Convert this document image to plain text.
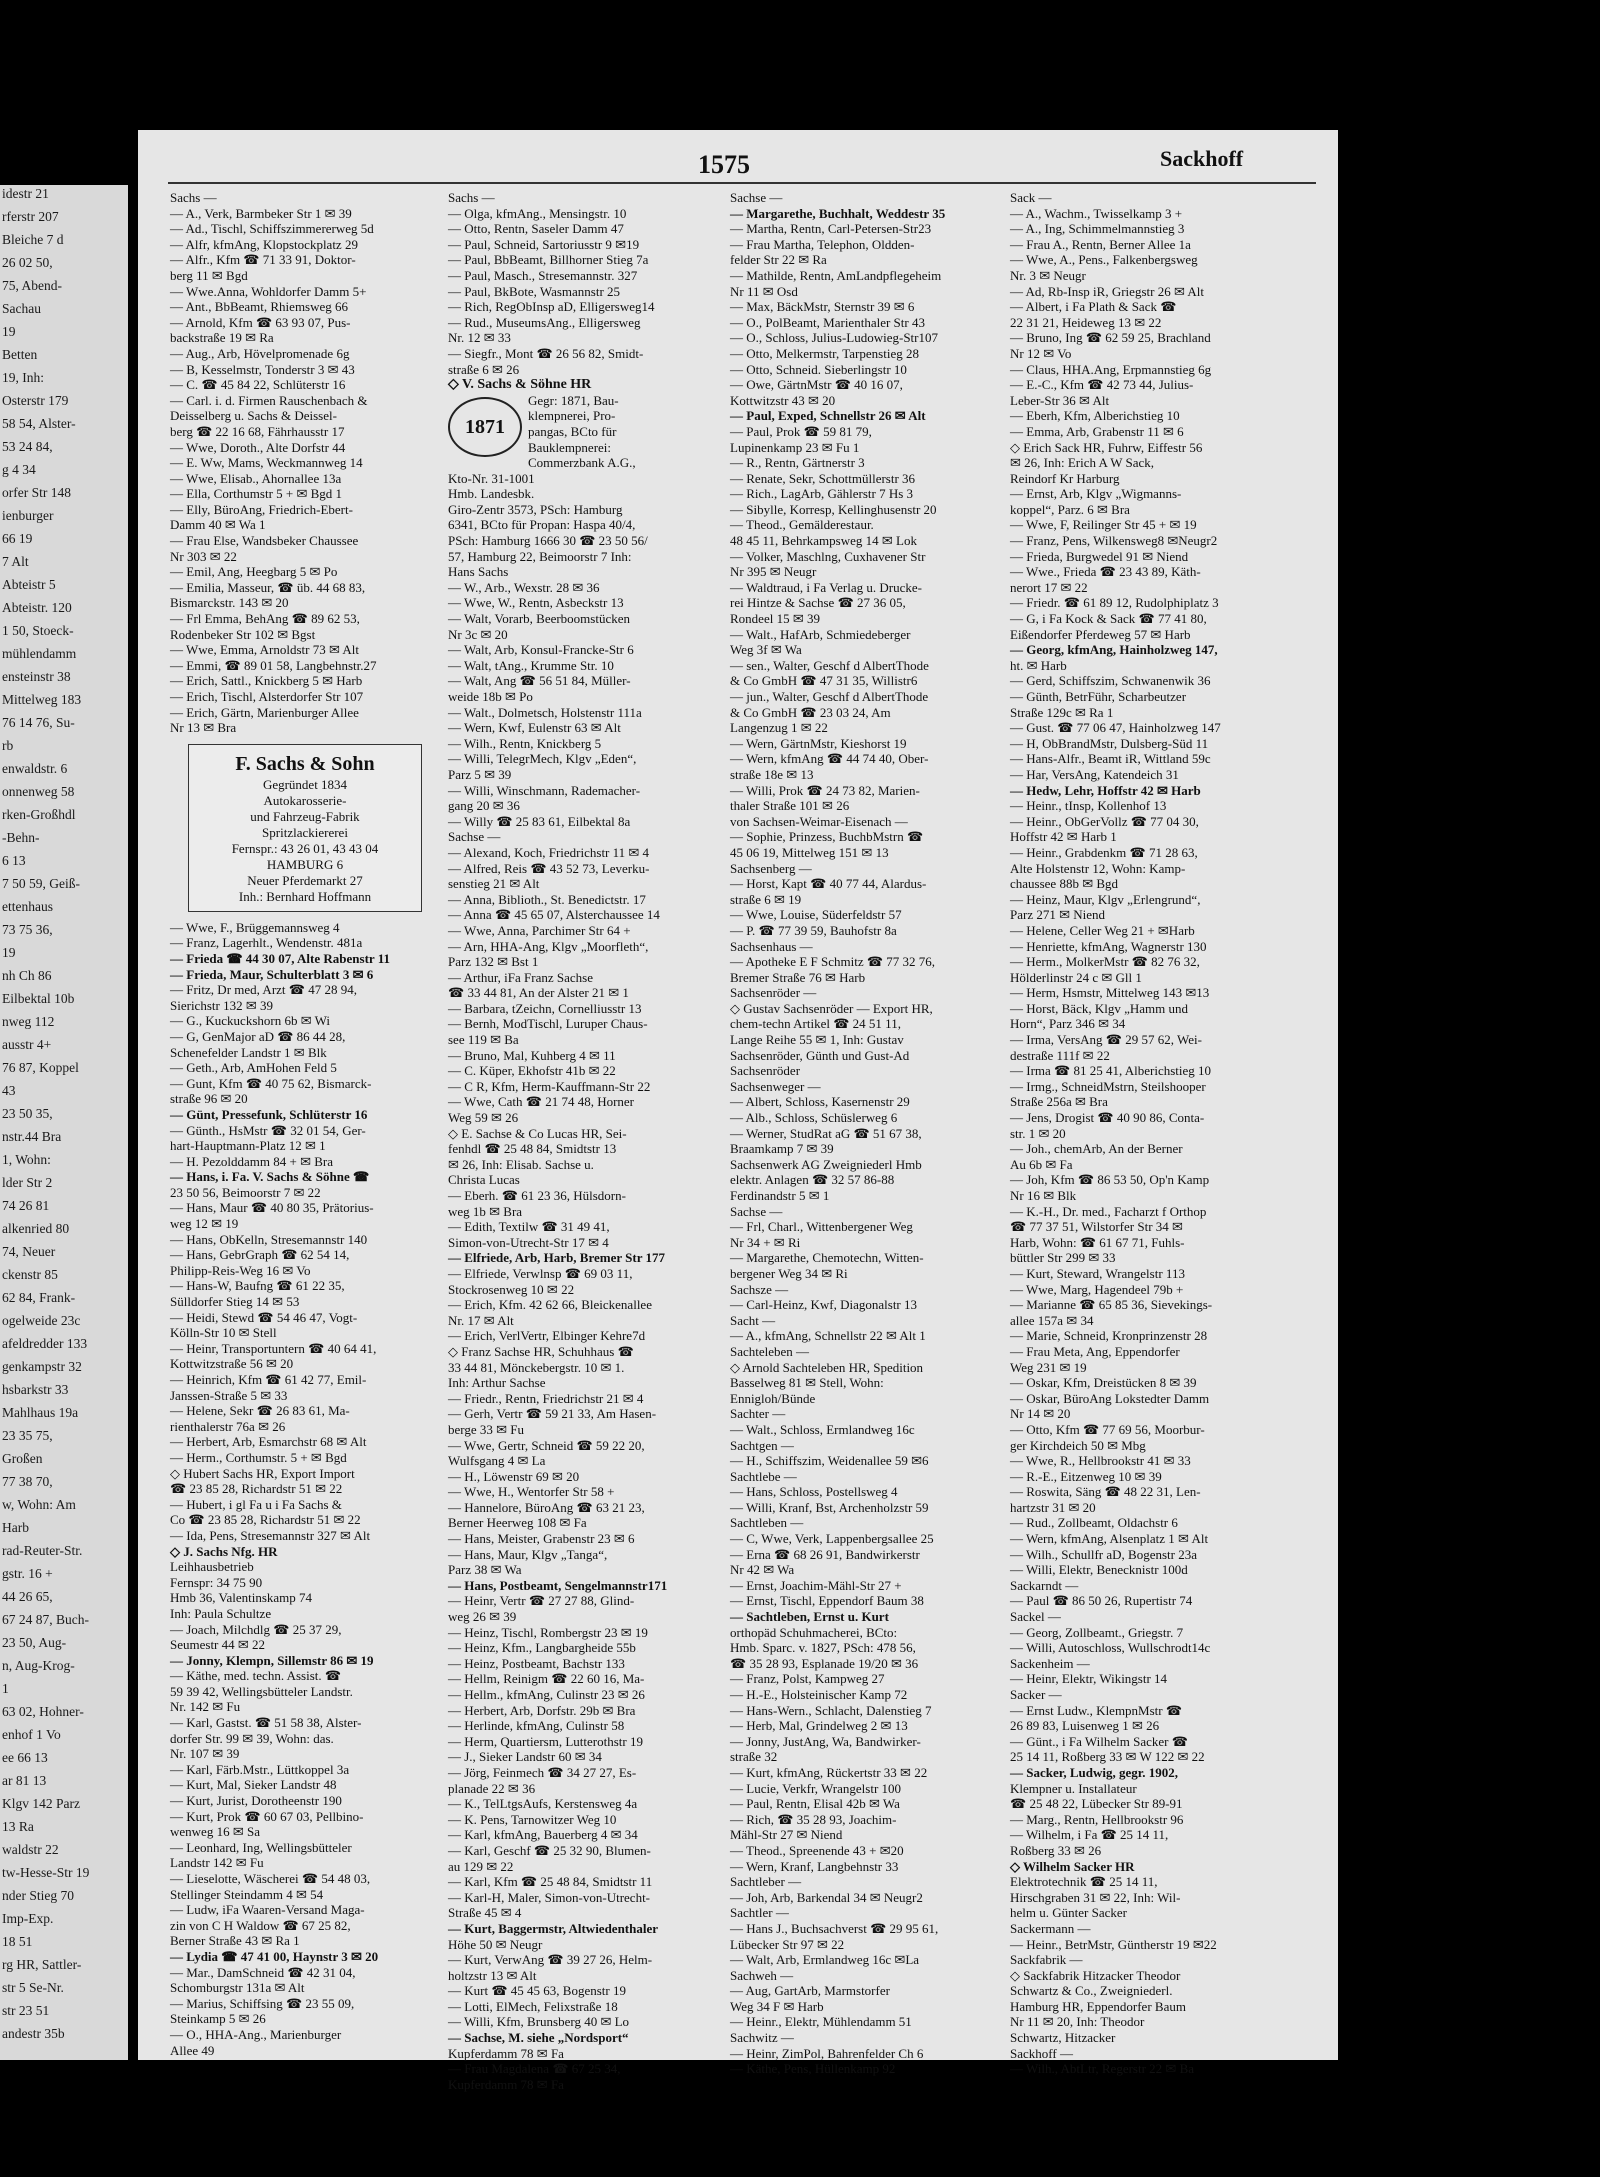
idestr 21
rferstr 207
Bleiche 7 d
26 02 50,
75, Abend-
Sachau
19
Betten
19, Inh:
Osterstr 179
58 54, Alster-
53 24 84,
g 4 34
orfer Str 148
ienburger
66 19
7 Alt
Abteistr 5
Abteistr. 120
1 50, Stoeck-
mühlendamm
ensteinstr 38
Mittelweg 183
76 14 76, Su-
rb
enwaldstr. 6
onnenweg 58
rken-Großhdl
-Behn-
6 13
7 50 59, Geiß-
ettenhaus
73 75 36,
19
nh Ch 86
Eilbektal 10b
nweg 112
ausstr 4+
76 87, Koppel
43
23 50 35,
nstr.44 Bra
1, Wohn:
lder Str 2
74 26 81
alkenried 80
74, Neuer
ckenstr 85
62 84, Frank-
ogelweide 23c
afeldredder 133
genkampstr 32
hsbarkstr 33
Mahlhaus 19a
23 35 75,
Großen
77 38 70,
w, Wohn: Am
Harb
rad-Reuter-Str.
gstr. 16 +
44 26 65,
67 24 87, Buch-
23 50, Aug-
n, Aug-Krog-
1
63 02, Hohner-
enhof 1 Vo
ee 66 13
ar 81 13
Klgv 142 Parz
13 Ra
waldstr 22
tw-Hesse-Str 19
nder Stieg 70
Imp-Exp.
18 51
rg HR, Sattler-
str 5 Se-Nr.
str 23 51
andestr 35b
1575	Sackhoff
Sachs —
— A., Verk, Barmbeker Str 1 ✉ 39
— Ad., Tischl, Schiffszimmererweg 5d
— Alfr, kfmAng, Klopstockplatz 29
— Alfr., Kfm ☎ 71 33 91, Doktor-
berg 11 ✉ Bgd
— Wwe.Anna, Wohldorfer Damm 5+
— Ant., BbBeamt, Rhiemsweg 66
— Arnold, Kfm ☎ 63 93 07, Pus-
backstraße 19 ✉ Ra
— Aug., Arb, Hövelpromenade 6g
— B, Kesselmstr, Tonderstr 3 ✉ 43
— C. ☎ 45 84 22, Schlüterstr 16
— Carl. i. d. Firmen Rauschenbach &
Deisselberg u. Sachs & Deissel-
berg ☎ 22 16 68, Fährhausstr 17
— Wwe, Doroth., Alte Dorfstr 44
— E. Ww, Mams, Weckmannweg 14
— Wwe, Elisab., Ahornallee 13a
— Ella, Corthumstr 5 + ✉ Bgd 1
— Elly, BüroAng, Friedrich-Ebert-
Damm 40 ✉ Wa 1
— Frau Else, Wandsbeker Chaussee
Nr 303 ✉ 22
— Emil, Ang, Heegbarg 5 ✉ Po
— Emilia, Masseur, ☎ üb. 44 68 83,
Bismarckstr. 143 ✉ 20
— Frl Emma, BehAng ☎ 89 62 53,
Rodenbeker Str 102 ✉ Bgst
— Wwe, Emma, Arnoldstr 73 ✉ Alt
— Emmi, ☎ 89 01 58, Langbehnstr.27
— Erich, Sattl., Knickberg 5 ✉ Harb
— Erich, Tischl, Alsterdorfer Str 107
— Erich, Gärtn, Marienburger Allee
Nr 13 ✉ Bra
F. Sachs & Sohn
Gegründet 1834
Autokarosserie-
und Fahrzeug-Fabrik
Spritzlackiererei
Fernspr.: 43 26 01, 43 43 04
HAMBURG 6
Neuer Pferdemarkt 27
Inh.: Bernhard Hoffmann
— Wwe, F., Brüggemannsweg 4
— Franz, Lagerhlt., Wendenstr. 481a
— Frieda ☎ 44 30 07, Alte Rabenstr 11
— Frieda, Maur, Schulterblatt 3 ✉ 6
— Fritz, Dr med, Arzt ☎ 47 28 94,
Sierichstr 132 ✉ 39
— G., Kuckuckshorn 6b ✉ Wi
— G, GenMajor aD ☎ 86 44 28,
Schenefelder Landstr 1 ✉ Blk
— Geth., Arb, AmHohen Feld 5
— Gunt, Kfm ☎ 40 75 62, Bismarck-
straße 96 ✉ 20
— Günt, Pressefunk, Schlüterstr 16
— Günth., HsMstr ☎ 32 01 54, Ger-
hart-Hauptmann-Platz 12 ✉ 1
— H. Pezolddamm 84 + ✉ Bra
— Hans, i. Fa. V. Sachs & Söhne ☎
23 50 56, Beimoorstr 7 ✉ 22
— Hans, Maur ☎ 40 80 35, Prätorius-
weg 12 ✉ 19
— Hans, ObKelln, Stresemannstr 140
— Hans, GebrGraph ☎ 62 54 14,
Philipp-Reis-Weg 16 ✉ Vo
— Hans-W, Baufng ☎ 61 22 35,
Sülldorfer Stieg 14 ✉ 53
— Heidi, Stewd ☎ 54 46 47, Vogt-
Kölln-Str 10 ✉ Stell
— Heinr, Transportuntern ☎ 40 64 41,
Kottwitzstraße 56 ✉ 20
— Heinrich, Kfm ☎ 61 42 77, Emil-
Janssen-Straße 5 ✉ 33
— Helene, Sekr ☎ 26 83 61, Ma-
rienthalerstr 76a ✉ 26
— Herbert, Arb, Esmarchstr 68 ✉ Alt
— Herm., Corthumstr. 5 + ✉ Bgd
◇ Hubert Sachs HR, Export Import
☎ 23 85 28, Richardstr 51 ✉ 22
— Hubert, i gl Fa u i Fa Sachs &
Co ☎ 23 85 28, Richardstr 51 ✉ 22
— Ida, Pens, Stresemannstr 327 ✉ Alt
◇ J. Sachs Nfg. HR
Leihhausbetrieb
Fernspr: 34 75 90
Hmb 36, Valentinskamp 74
Inh: Paula Schultze
— Joach, Milchdlg ☎ 25 37 29,
Seumestr 44 ✉ 22
— Jonny, Klempn, Sillemstr 86 ✉ 19
— Käthe, med. techn. Assist. ☎
59 39 42, Wellingsbütteler Landstr.
Nr. 142 ✉ Fu
— Karl, Gastst. ☎ 51 58 38, Alster-
dorfer Str. 99 ✉ 39, Wohn: das.
Nr. 107 ✉ 39
— Karl, Färb.Mstr., Lüttkoppel 3a
— Kurt, Mal, Sieker Landstr 48
— Kurt, Jurist, Dorotheenstr 190
— Kurt, Prok ☎ 60 67 03, Pellbino-
wenweg 16 ✉ Sa
— Leonhard, Ing, Wellingsbütteler
Landstr 142 ✉ Fu
— Lieselotte, Wäscherei ☎ 54 48 03,
Stellinger Steindamm 4 ✉ 54
— Ludw, iFa Waaren-Versand Maga-
zin von C H Waldow ☎ 67 25 82,
Berner Straße 43 ✉ Ra 1
— Lydia ☎ 47 41 00, Haynstr 3 ✉ 20
— Mar., DamSchneid ☎ 42 31 04,
Schomburgstr 131a ✉ Alt
— Marius, Schiffsing ☎ 23 55 09,
Steinkamp 5 ✉ 26
— O., HHA-Ang., Marienburger
Allee 49
Sachs —
— Olga, kfmAng., Mensingstr. 10
— Otto, Rentn, Saseler Damm 47
— Paul, Schneid, Sartoriusstr 9 ✉19
— Paul, BbBeamt, Billhorner Stieg 7a
— Paul, Masch., Stresemannstr. 327
— Paul, BkBote, Wasmannstr 25
— Rich, RegObInsp aD, Elligersweg14
— Rud., MuseumsAng., Elligersweg
Nr. 12 ✉ 33
— Siegfr., Mont ☎ 26 56 82, Smidt-
straße 6 ✉ 26
◇ V. Sachs & Söhne HR
1871
Gegr: 1871, Bau-
klempnerei, Pro-
pangas, BCto für
Bauklempnerei:
Commerzbank A.G.,
Kto-Nr. 31-1001
Hmb. Landesbk.
Giro-Zentr 3573, PSch: Hamburg
6341, BCto für Propan: Haspa 40/4,
PSch: Hamburg 1666 30 ☎ 23 50 56/
57, Hamburg 22, Beimoorstr 7 Inh:
Hans Sachs
— W., Arb., Wexstr. 28 ✉ 36
— Wwe, W., Rentn, Asbeckstr 13
— Walt, Vorarb, Beerboomstücken
Nr 3c ✉ 20
— Walt, Arb, Konsul-Francke-Str 6
— Walt, tAng., Krumme Str. 10
— Walt, Ang ☎ 56 51 84, Müller-
weide 18b ✉ Po
— Walt., Dolmetsch, Holstenstr 111a
— Wern, Kwf, Eulenstr 63 ✉ Alt
— Wilh., Rentn, Knickberg 5
— Willi, TelegrMech, Klgv „Eden“,
Parz 5 ✉ 39
— Willi, Winschmann, Rademacher-
gang 20 ✉ 36
— Willy ☎ 25 83 61, Eilbektal 8a
Sachse —
— Alexand, Koch, Friedrichstr 11 ✉ 4
— Alfred, Reis ☎ 43 52 73, Leverku-
senstieg 21 ✉ Alt
— Anna, Biblioth., St. Benedictstr. 17
— Anna ☎ 45 65 07, Alsterchaussee 14
— Wwe, Anna, Parchimer Str 64 +
— Arn, HHA-Ang, Klgv „Moorfleth“,
Parz 132 ✉ Bst 1
— Arthur, iFa Franz Sachse
☎ 33 44 81, An der Alster 21 ✉ 1
— Barbara, tZeichn, Cornelliusstr 13
— Bernh, ModTischl, Luruper Chaus-
see 119 ✉ Ba
— Bruno, Mal, Kuhberg 4 ✉ 11
— C. Küper, Ekhofstr 41b ✉ 22
— C R, Kfm, Herm-Kauffmann-Str 22
— Wwe, Cath ☎ 21 74 48, Horner
Weg 59 ✉ 26
◇ E. Sachse & Co Lucas HR, Sei-
fenhdl ☎ 25 48 84, Smidtstr 13
✉ 26, Inh: Elisab. Sachse u.
Christa Lucas
— Eberh. ☎ 61 23 36, Hülsdorn-
weg 1b ✉ Bra
— Edith, Textilw ☎ 31 49 41,
Simon-von-Utrecht-Str 17 ✉ 4
— Elfriede, Arb, Harb, Bremer Str 177
— Elfriede, Verwlnsp ☎ 69 03 11,
Stockrosenweg 10 ✉ 22
— Erich, Kfm. 42 62 66, Bleickenallee
Nr. 17 ✉ Alt
— Erich, VerlVertr, Elbinger Kehre7d
◇ Franz Sachse HR, Schuhhaus ☎
33 44 81, Mönckebergstr. 10 ✉ 1.
Inh: Arthur Sachse
— Friedr., Rentn, Friedrichstr 21 ✉ 4
— Gerh, Vertr ☎ 59 21 33, Am Hasen-
berge 33 ✉ Fu
— Wwe, Gertr, Schneid ☎ 59 22 20,
Wulfsgang 4 ✉ La
— H., Löwenstr 69 ✉ 20
— Wwe, H., Wentorfer Str 58 +
— Hannelore, BüroAng ☎ 63 21 23,
Berner Heerweg 108 ✉ Fa
— Hans, Meister, Grabenstr 23 ✉ 6
— Hans, Maur, Klgv „Tanga“,
Parz 38 ✉ Wa
— Hans, Postbeamt, Sengelmannstr171
— Heinr, Vertr ☎ 27 27 88, Glind-
weg 26 ✉ 39
— Heinz, Tischl, Rombergstr 23 ✉ 19
— Heinz, Kfm., Langbargheide 55b
— Heinz, Postbeamt, Bachstr 133
— Hellm, Reinigm ☎ 22 60 16, Ma-
— Hellm., kfmAng, Culinstr 23 ✉ 26
— Herbert, Arb, Dorfstr. 29b ✉ Bra
— Herlinde, kfmAng, Culinstr 58
— Herm, Quartiersm, Lutterothstr 19
— J., Sieker Landstr 60 ✉ 34
— Jörg, Feinmech ☎ 34 27 27, Es-
planade 22 ✉ 36
— K., TelLtgsAufs, Kerstensweg 4a
— K. Pens, Tarnowitzer Weg 10
— Karl, kfmAng, Bauerberg 4 ✉ 34
— Karl, Geschf ☎ 25 32 90, Blumen-
au 129 ✉ 22
— Karl, Kfm ☎ 25 48 84, Smidtstr 11
— Karl-H, Maler, Simon-von-Utrecht-
Straße 45 ✉ 4
— Kurt, Baggermstr, Altwiedenthaler
Höhe 50 ✉ Neugr
— Kurt, VerwAng ☎ 39 27 26, Helm-
holtzstr 13 ✉ Alt
— Kurt ☎ 45 45 63, Bogenstr 19
— Lotti, ElMech, Felixstraße 18
— Willi, Kfm, Brunsberg 40 ✉ Lo
— Sachse, M. siehe „Nordsport“
Kupferdamm 78 ✉ Fa
— Frau Magdalena ☎ 67 25 34,
Kupferdamm 78 ✉ Fa
Sachse —
— Margarethe, Buchhalt, Weddestr 35
— Martha, Rentn, Carl-Petersen-Str23
— Frau Martha, Telephon, Oldden-
felder Str 22 ✉ Ra
— Mathilde, Rentn, AmLandpflegeheim
Nr 11 ✉ Osd
— Max, BäckMstr, Sternstr 39 ✉ 6
— O., PolBeamt, Marienthaler Str 43
— O., Schloss, Julius-Ludowieg-Str107
— Otto, Melkermstr, Tarpenstieg 28
— Otto, Schneid. Sieberlingstr 10
— Owe, GärtnMstr ☎ 40 16 07,
Kottwitzstr 43 ✉ 20
— Paul, Exped, Schnellstr 26 ✉ Alt
— Paul, Prok ☎ 59 81 79,
Lupinenkamp 23 ✉ Fu 1
— R., Rentn, Gärtnerstr 3
— Renate, Sekr, Schottmüllerstr 36
— Rich., LagArb, Gählerstr 7 Hs 3
— Sibylle, Korresp, Kellinghusenstr 20
— Theod., Gemälderestaur.
48 45 11, Behrkampsweg 14 ✉ Lok
— Volker, Maschlng, Cuxhavener Str
Nr 395 ✉ Neugr
— Waldtraud, i Fa Verlag u. Drucke-
rei Hintze & Sachse ☎ 27 36 05,
Rondeel 15 ✉ 39
— Walt., HafArb, Schmiedeberger
Weg 3f ✉ Wa
— sen., Walter, Geschf d AlbertThode
& Co GmbH ☎ 47 31 35, Willistr6
— jun., Walter, Geschf d AlbertThode
& Co GmbH ☎ 23 03 24, Am
Langenzug 1 ✉ 22
— Wern, GärtnMstr, Kieshorst 19
— Wern, kfmAng ☎ 44 74 40, Ober-
straße 18e ✉ 13
— Willi, Prok ☎ 24 73 82, Marien-
thaler Straße 101 ✉ 26
von Sachsen-Weimar-Eisenach —
— Sophie, Prinzess, BuchbMstrn ☎
45 06 19, Mittelweg 151 ✉ 13
Sachsenberg —
— Horst, Kapt ☎ 40 77 44, Alardus-
straße 6 ✉ 19
— Wwe, Louise, Süderfeldstr 57
— P. ☎ 77 39 59, Bauhofstr 8a
Sachsenhaus —
— Apotheke E F Schmitz ☎ 77 32 76,
Bremer Straße 76 ✉ Harb
Sachsenröder —
◇ Gustav Sachsenröder — Export HR,
chem-techn Artikel ☎ 24 51 11,
Lange Reihe 55 ✉ 1, Inh: Gustav
Sachsenröder, Günth und Gust-Ad
Sachsenröder
Sachsenweger —
— Albert, Schloss, Kasernenstr 29
— Alb., Schloss, Schüslerweg 6
— Werner, StudRat aG ☎ 51 67 38,
Braamkamp 7 ✉ 39
Sachsenwerk AG Zweigniederl Hmb
elektr. Anlagen ☎ 32 57 86-88
Ferdinandstr 5 ✉ 1
Sachse —
— Frl, Charl., Wittenbergener Weg
Nr 34 + ✉ Ri
— Margarethe, Chemotechn, Witten-
bergener Weg 34 ✉ Ri
Sachsze —
— Carl-Heinz, Kwf, Diagonalstr 13
Sacht —
— A., kfmAng, Schnellstr 22 ✉ Alt 1
Sachteleben —
◇ Arnold Sachteleben HR, Spedition
Basselweg 81 ✉ Stell, Wohn:
Ennigloh/Bünde
Sachter —
— Walt., Schloss, Ermlandweg 16c
Sachtgen —
— H., Schiffszim, Weidenallee 59 ✉6
Sachtlebe —
— Hans, Schloss, Postellsweg 4
— Willi, Kranf, Bst, Archenholzstr 59
Sachtleben —
— C, Wwe, Verk, Lappenbergsallee 25
— Erna ☎ 68 26 91, Bandwirkerstr
Nr 42 ✉ Wa
— Ernst, Joachim-Mähl-Str 27 +
— Ernst, Tischl, Eppendorf Baum 38
— Sachtleben, Ernst u. Kurt
orthopäd Schuhmacherei, BCto:
Hmb. Sparc. v. 1827, PSch: 478 56,
☎ 35 28 93, Esplanade 19/20 ✉ 36
— Franz, Polst, Kampweg 27
— H.-E., Holsteinischer Kamp 72
— Hans-Wern., Schlacht, Dalenstieg 7
— Herb, Mal, Grindelweg 2 ✉ 13
— Jonny, JustAng, Wa, Bandwirker-
straße 32
— Kurt, kfmAng, Rückertstr 33 ✉ 22
— Lucie, Verkfr, Wrangelstr 100
— Paul, Rentn, Elisal 42b ✉ Wa
— Rich, ☎ 35 28 93, Joachim-
Mähl-Str 27 ✉ Niend
— Theod., Spreenende 43 + ✉20
— Wern, Kranf, Langbehnstr 33
Sachtleber —
— Joh, Arb, Barkendal 34 ✉ Neugr2
Sachtler —
— Hans J., Buchsachverst ☎ 29 95 61,
Lübecker Str 97 ✉ 22
— Walt, Arb, Ermlandweg 16c ✉La
Sachweh —
— Aug, GartArb, Marmstorfer
Weg 34 F ✉ Harb
— Heinr., Elektr, Mühlendamm 51
Sachwitz —
— Heinr, ZimPol, Bahrenfelder Ch 6
— Käthe, Pens, Hüllenkamp 92
Sack —
— A., Wachm., Twisselkamp 3 +
— A., Ing, Schimmelmannstieg 3
— Frau A., Rentn, Berner Allee 1a
— Wwe, A., Pens., Falkenbergsweg
Nr. 3 ✉ Neugr
— Ad, Rb-Insp iR, Griegstr 26 ✉ Alt
— Albert, i Fa Plath & Sack ☎
22 31 21, Heideweg 13 ✉ 22
— Bruno, Ing ☎ 62 59 25, Brachland
Nr 12 ✉ Vo
— Claus, HHA.Ang, Erpmannstieg 6g
— E.-C., Kfm ☎ 42 73 44, Julius-
Leber-Str 36 ✉ Alt
— Eberh, Kfm, Alberichstieg 10
— Emma, Arb, Grabenstr 11 ✉ 6
◇ Erich Sack HR, Fuhrw, Eiffestr 56
✉ 26, Inh: Erich A W Sack,
Reindorf Kr Harburg
— Ernst, Arb, Klgv „Wigmanns-
koppel“, Parz. 6 ✉ Bra
— Wwe, F, Reilinger Str 45 + ✉ 19
— Franz, Pens, Wilkensweg8 ✉Neugr2
— Frieda, Burgwedel 91 ✉ Niend
— Wwe., Frieda ☎ 23 43 89, Käth-
nerort 17 ✉ 22
— Friedr. ☎ 61 89 12, Rudolphiplatz 3
— G, i Fa Kock & Sack ☎ 77 41 80,
Eißendorfer Pferdeweg 57 ✉ Harb
— Georg, kfmAng, Hainholzweg 147,
ht. ✉ Harb
— Gerd, Schiffszim, Schwanenwik 36
— Günth, BetrFühr, Scharbeutzer
Straße 129c ✉ Ra 1
— Gust. ☎ 77 06 47, Hainholzweg 147
— H, ObBrandMstr, Dulsberg-Süd 11
— Hans-Alfr., Beamt iR, Wittland 59c
— Har, VersAng, Katendeich 31
— Hedw, Lehr, Hoffstr 42 ✉ Harb
— Heinr., tInsp, Kollenhof 13
— Heinr., ObGerVollz ☎ 77 04 30,
Hoffstr 42 ✉ Harb 1
— Heinr., Grabdenkm ☎ 71 28 63,
Alte Holstenstr 12, Wohn: Kamp-
chaussee 88b ✉ Bgd
— Heinz, Maur, Klgv „Erlengrund“,
Parz 271 ✉ Niend
— Helene, Celler Weg 21 + ✉Harb
— Henriette, kfmAng, Wagnerstr 130
— Herm., MolkerMstr ☎ 82 76 32,
Hölderlinstr 24 c ✉ Gll 1
— Herm, Hsmstr, Mittelweg 143 ✉13
— Horst, Bäck, Klgv „Hamm und
Horn“, Parz 346 ✉ 34
— Irma, VersAng ☎ 29 57 62, Wei-
destraße 111f ✉ 22
— Irma ☎ 81 25 41, Alberichstieg 10
— Irmg., SchneidMstrn, Steilshooper
Straße 256a ✉ Bra
— Jens, Drogist ☎ 40 90 86, Conta-
str. 1 ✉ 20
— Joh., chemArb, An der Berner
Au 6b ✉ Fa
— Joh, Kfm ☎ 86 53 50, Op'n Kamp
Nr 16 ✉ Blk
— K.-H., Dr. med., Facharzt f Orthop
☎ 77 37 51, Wilstorfer Str 34 ✉
Harb, Wohn: ☎ 61 67 71, Fuhls-
büttler Str 299 ✉ 33
— Kurt, Steward, Wrangelstr 113
— Wwe, Marg, Hagendeel 79b +
— Marianne ☎ 65 85 36, Sievekings-
allee 157a ✉ 34
— Marie, Schneid, Kronprinzenstr 28
— Frau Meta, Ang, Eppendorfer
Weg 231 ✉ 19
— Oskar, Kfm, Dreistücken 8 ✉ 39
— Oskar, BüroAng Lokstedter Damm
Nr 14 ✉ 20
— Otto, Kfm ☎ 77 69 56, Moorbur-
ger Kirchdeich 50 ✉ Mbg
— Wwe, R., Hellbrookstr 41 ✉ 33
— R.-E., Eitzenweg 10 ✉ 39
— Roswita, Säng ☎ 48 22 31, Len-
hartzstr 31 ✉ 20
— Rud., Zollbeamt, Oldachstr 6
— Wern, kfmAng, Alsenplatz 1 ✉ Alt
— Wilh., Schullfr aD, Bogenstr 23a
— Willi, Elektr, Benecknistr 100d
Sackarndt —
— Paul ☎ 86 50 26, Rupertistr 74
Sackel —
— Georg, Zollbeamt., Griegstr. 7
— Willi, Autoschloss, Wullschrodt14c
Sackenheim —
— Heinr, Elektr, Wikingstr 14
Sacker —
— Ernst Ludw., KlempnMstr ☎
26 89 83, Luisenweg 1 ✉ 26
— Günt., i Fa Wilhelm Sacker ☎
25 14 11, Roßberg 33 ✉ W 122 ✉ 22
— Sacker, Ludwig, gegr. 1902,
Klempner u. Installateur
☎ 25 48 22, Lübecker Str 89-91
— Marg., Rentn, Hellbrookstr 96
— Wilhelm, i Fa ☎ 25 14 11,
Roßberg 33 ✉ 26
◇ Wilhelm Sacker HR
Elektrotechnik ☎ 25 14 11,
Hirschgraben 31 ✉ 22, Inh: Wil-
helm u. Günter Sacker
Sackermann —
— Heinr., BetrMstr, Güntherstr 19 ✉22
Sackfabrik —
◇ Sackfabrik Hitzacker Theodor
Schwartz & Co., Zweigniederl.
Hamburg HR, Eppendorfer Baum
Nr 11 ✉ 20, Inh: Theodor
Schwartz, Hitzacker
Sackhoff —
— Wilh., AbtLtr, Regerstr 22 ✉ Ba
